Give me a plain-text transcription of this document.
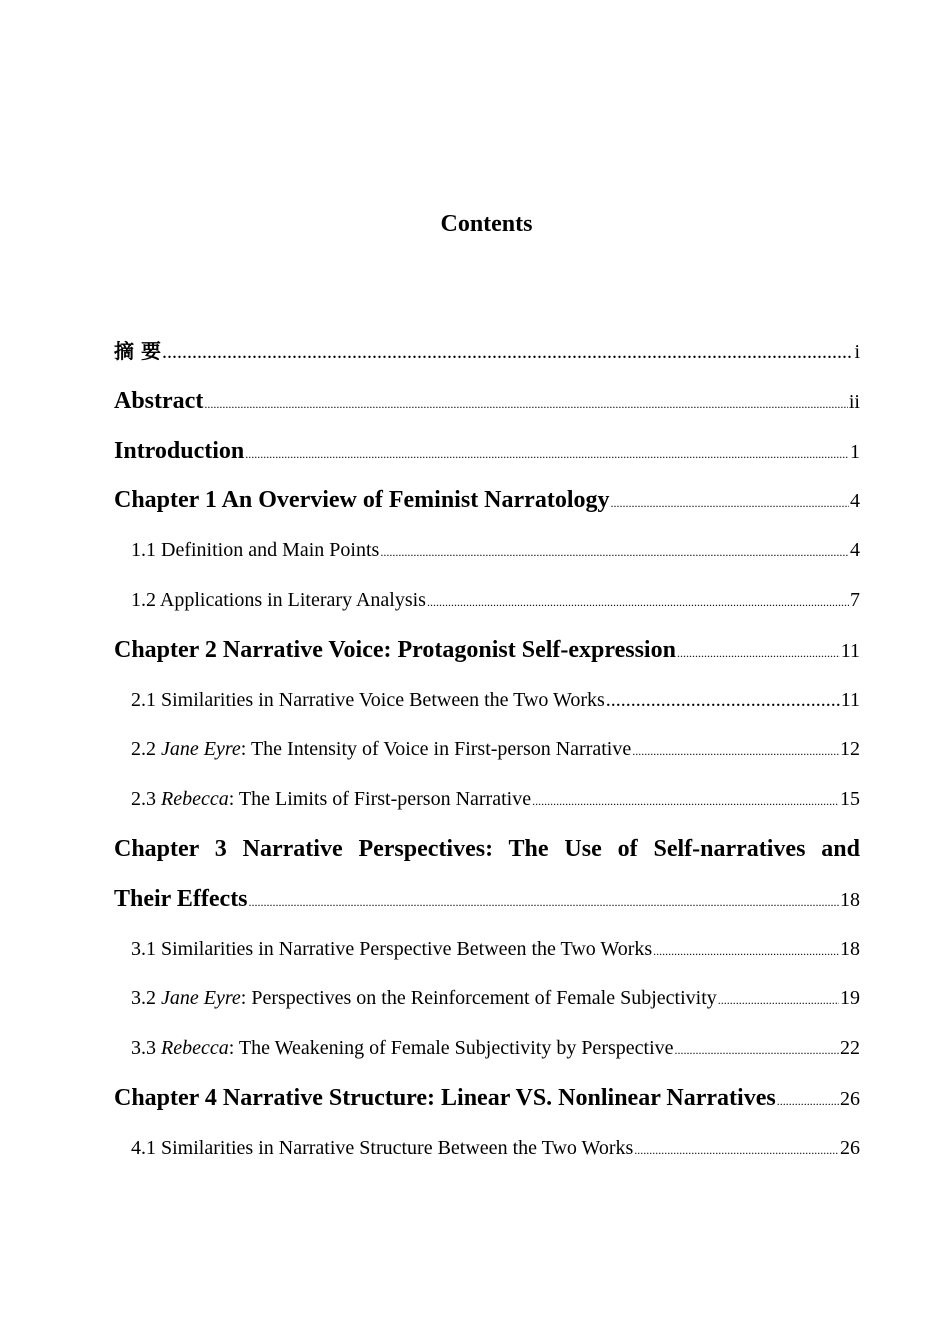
Contents
摘 要 .....	i
Abstract .....	ii
Introduction .....	1
Chapter 1 An Overview of Feminist Narratology .....	4
1.1 Definition and Main Points .....	4
1.2 Applications in Literary Analysis .....	7
Chapter 2 Narrative Voice: Protagonist Self-expression .....	11
2.1 Similarities in Narrative Voice Between the Two Works .....	11
2.2 Jane Eyre: The Intensity of Voice in First-person Narrative .....	12
2.3 Rebecca: The Limits of First-person Narrative .....	15
Chapter 3 Narrative Perspectives: The Use of Self-narratives and
Their Effects .....	18
3.1 Similarities in Narrative Perspective Between the Two Works .....	18
3.2 Jane Eyre: Perspectives on the Reinforcement of Female Subjectivity .....	19
3.3 Rebecca: The Weakening of Female Subjectivity by Perspective .....	22
Chapter 4 Narrative Structure: Linear VS. Nonlinear Narratives .....	26
4.1 Similarities in Narrative Structure Between the Two Works .....	26
